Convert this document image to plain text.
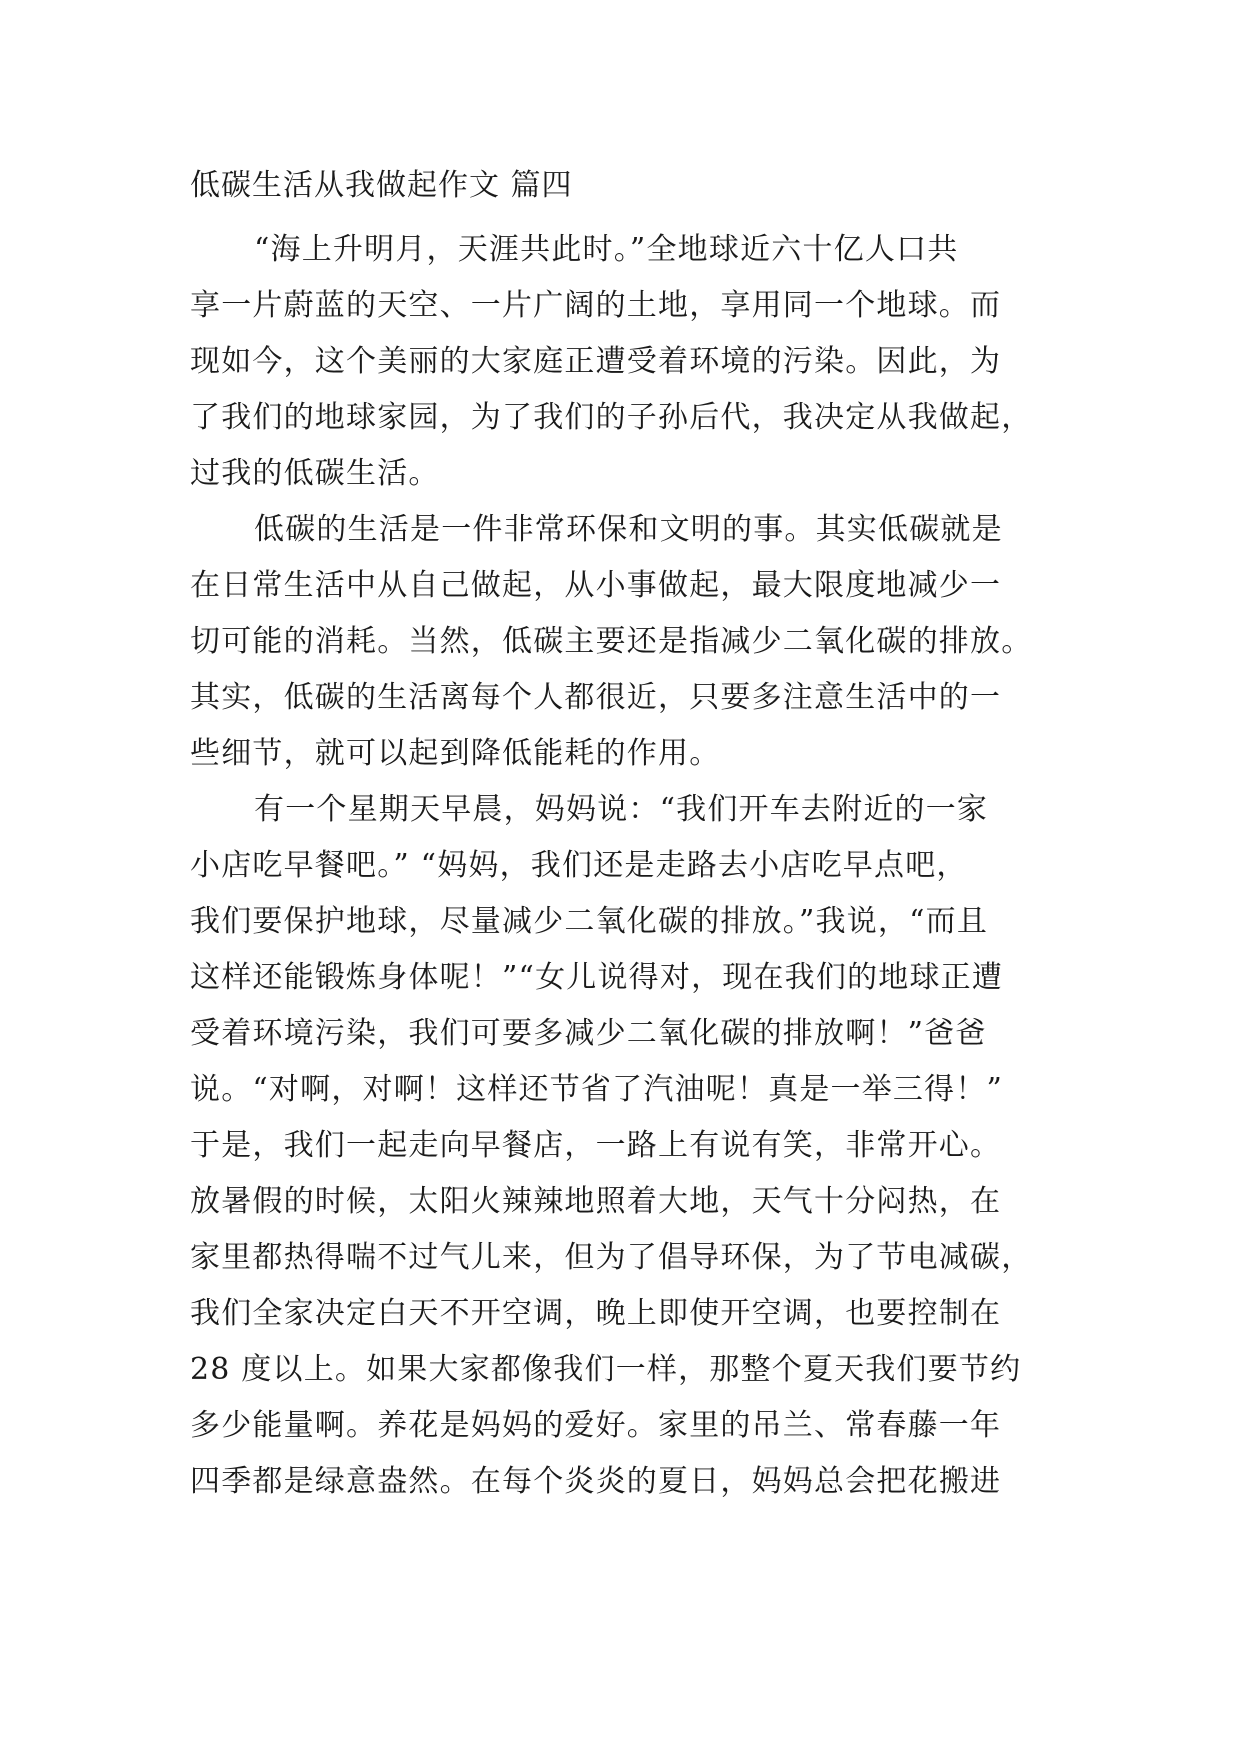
低碳生活从我做起作文 篇四
“海上升明月，天涯共此时。”全地球近六十亿人口共
享一片蔚蓝的天空、一片广阔的土地，享用同一个地球。而
现如今，这个美丽的大家庭正遭受着环境的污染。因此，为
了我们的地球家园，为了我们的子孙后代，我决定从我做起，
过我的低碳生活。
低碳的生活是一件非常环保和文明的事。其实低碳就是
在日常生活中从自己做起，从小事做起，最大限度地减少一
切可能的消耗。当然，低碳主要还是指减少二氧化碳的排放。
其实，低碳的生活离每个人都很近，只要多注意生活中的一
些细节，就可以起到降低能耗的作用。
有一个星期天早晨，妈妈说：“我们开车去附近的一家
小店吃早餐吧。” “妈妈，我们还是走路去小店吃早点吧，
我们要保护地球，尽量减少二氧化碳的排放。”我说，“而且
这样还能锻炼身体呢！”“女儿说得对，现在我们的地球正遭
受着环境污染，我们可要多减少二氧化碳的排放啊！”爸爸
说。“对啊，对啊！这样还节省了汽油呢！真是一举三得！”
于是，我们一起走向早餐店，一路上有说有笑，非常开心。
放暑假的时候，太阳火辣辣地照着大地，天气十分闷热，在
家里都热得喘不过气儿来，但为了倡导环保，为了节电减碳，
我们全家决定白天不开空调，晚上即使开空调，也要控制在
28 度以上。如果大家都像我们一样，那整个夏天我们要节约
多少能量啊。养花是妈妈的爱好。家里的吊兰、常春藤一年
四季都是绿意盎然。在每个炎炎的夏日，妈妈总会把花搬进
